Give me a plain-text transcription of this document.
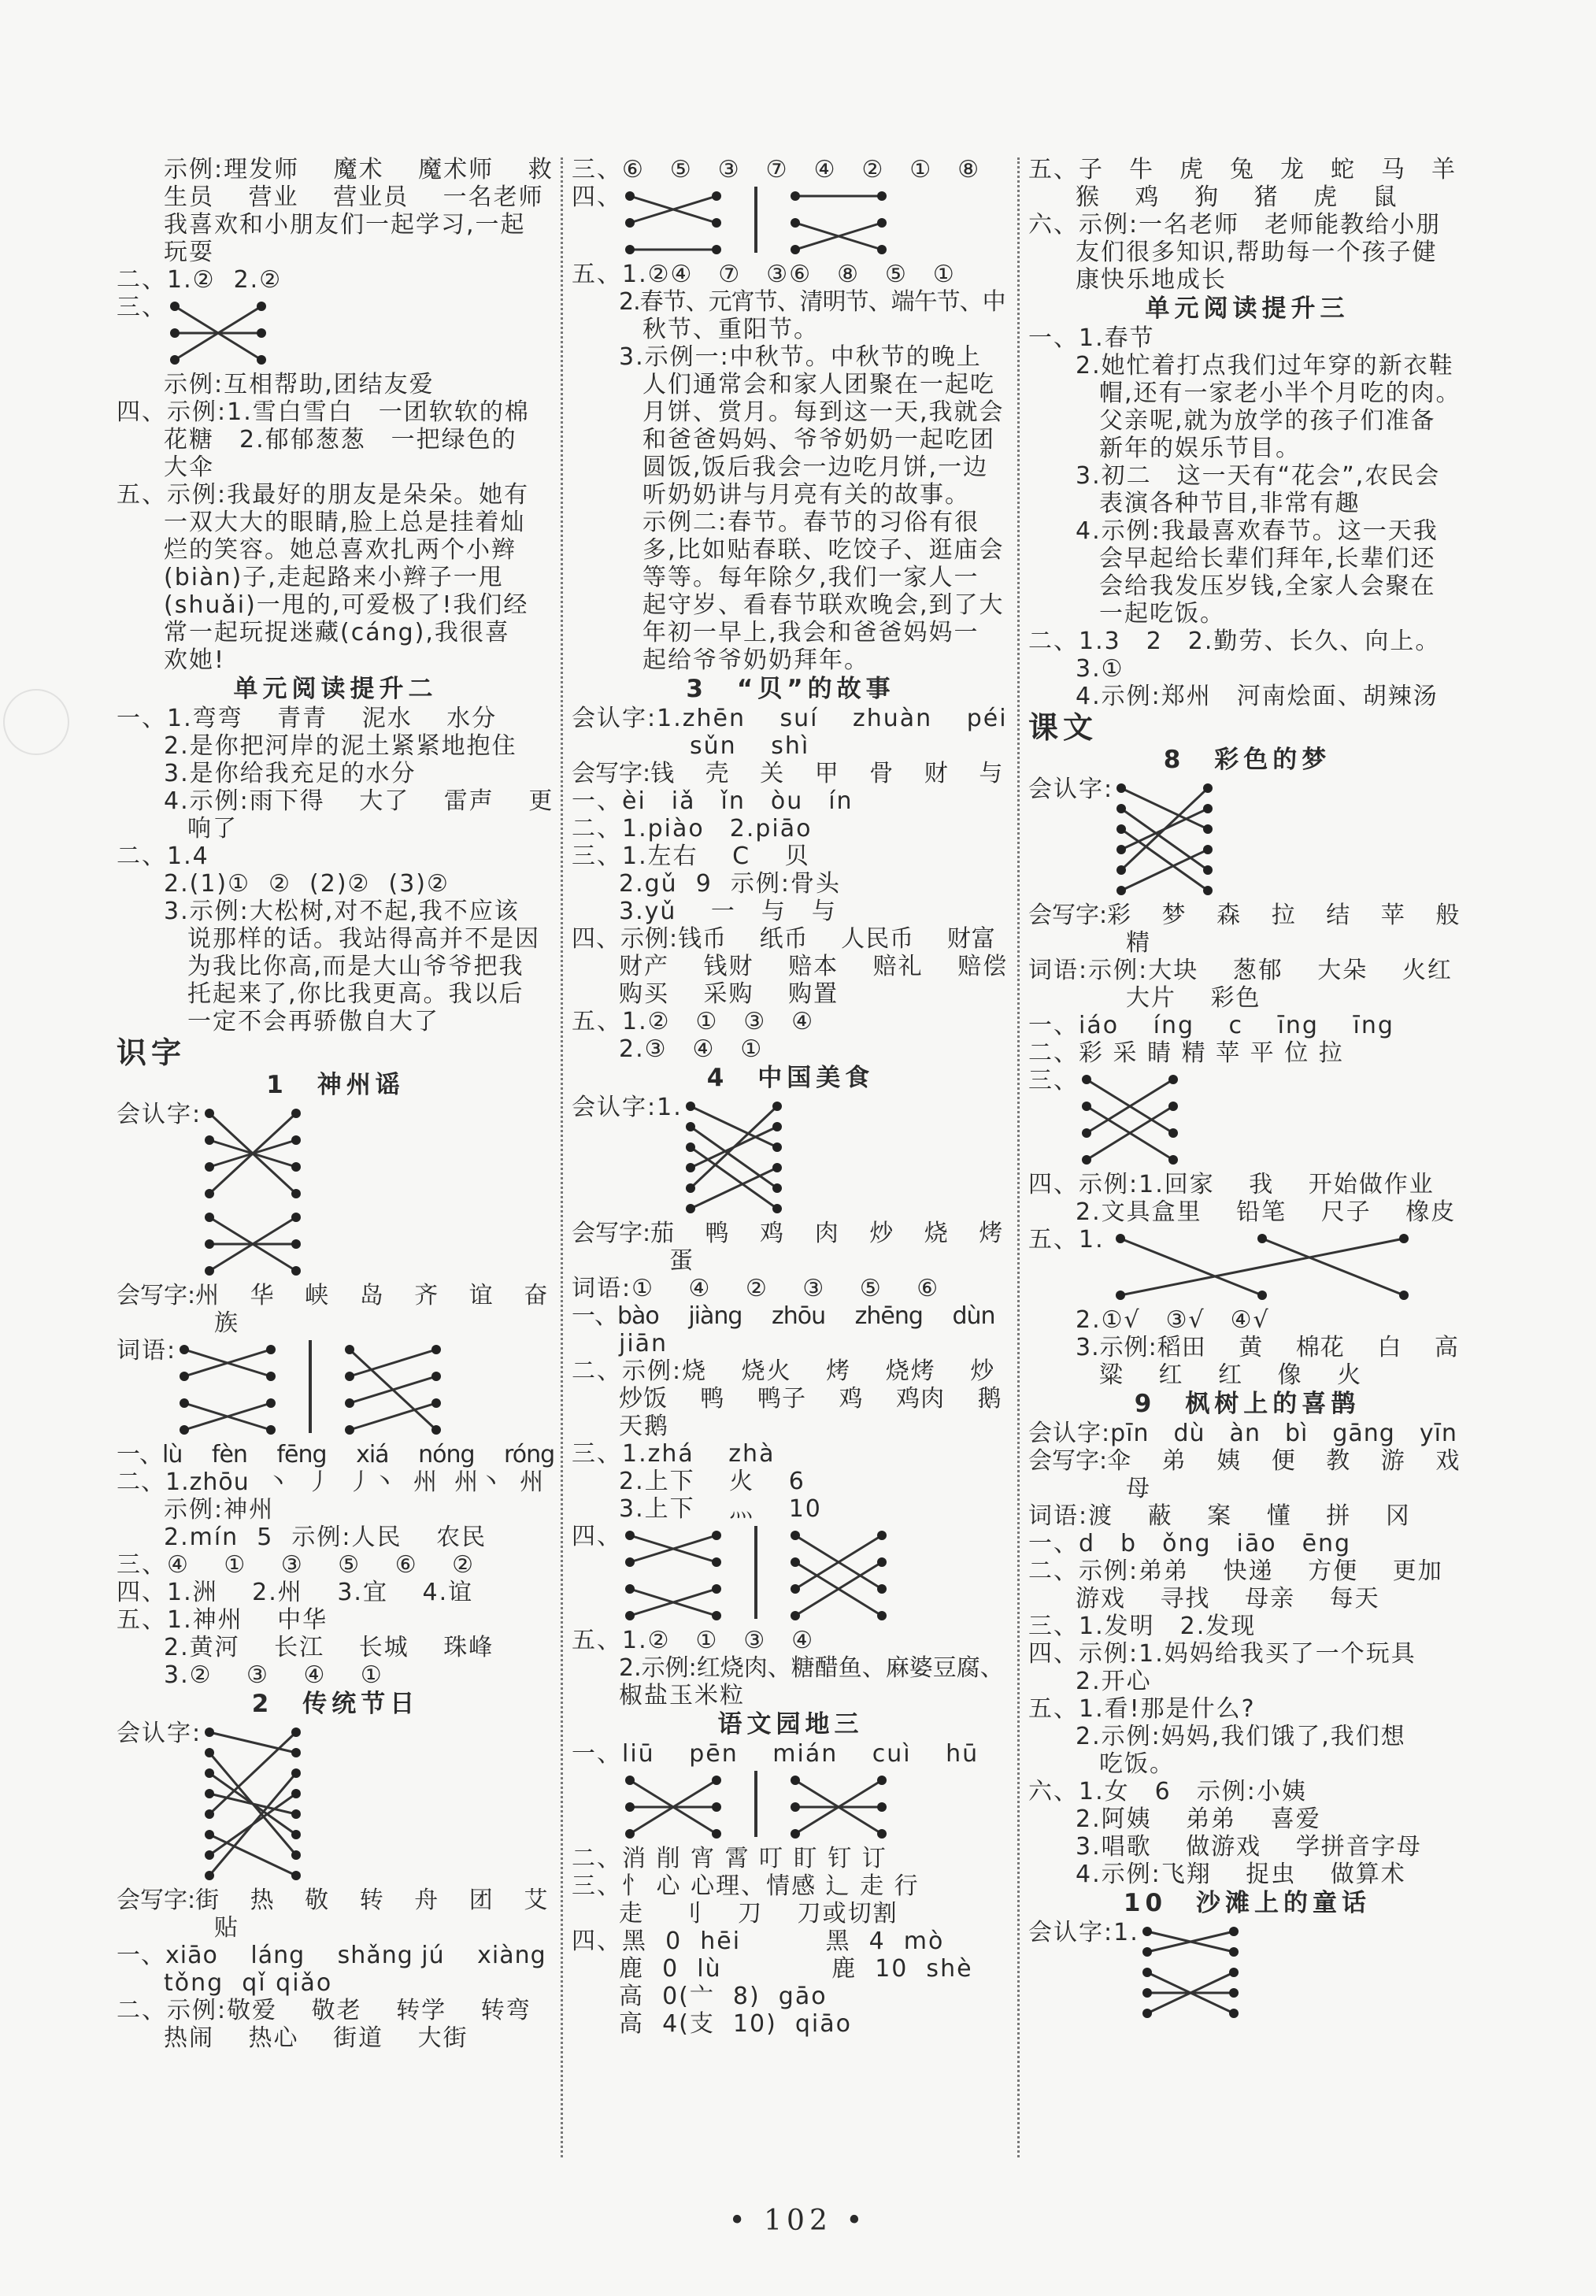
示例:理发师　 魔术　 魔术师　 救
生员　 营业　 营业员　 一名老师
我喜欢和小朋友们一起学习,一起
玩耍
二、1.②  2.②
三、
示例:互相帮助,团结友爱
四、示例:1.雪白雪白　一团软软的棉
花糖　2.郁郁葱葱　一把绿色的
大伞
五、示例:我最好的朋友是朵朵。她有
一双大大的眼睛,脸上总是挂着灿
烂的笑容。她总喜欢扎两个小辫
(biàn)子,走起路来小辫子一甩
(shuǎi)一甩的,可爱极了!我们经
常一起玩捉迷藏(cáng),我很喜
欢她!
单元阅读提升二
一、1.弯弯　 青青　 泥水　 水分
2.是你把河岸的泥土紧紧地抱住
3.是你给我充足的水分
4.示例:雨下得　 大了　 雷声　 更
响了
二、1.4
2.(1)①  ②  (2)②  (3)②
3.示例:大松树,对不起,我不应该
说那样的话。我站得高并不是因
为我比你高,而是大山爷爷把我
托起来了,你比我更高。我以后
一定不会再骄傲自大了
识字
1　神州谣
会认字:
会写字:州　 华　 峡　 岛　 齐　 谊　 奋
族
词语:
一、lù　 fèn　 fēng　 xiá　 nóng　 róng
二、1.zhōu  丶  丿  丿丶  州  州丶  州
示例:神州
2.mín  5  示例:人民　 农民
三、④　 ①　 ③　 ⑤　 ⑥　 ②
四、1.洲　 2.州　 3.宜　 4.谊
五、1.神州　 中华
2.黄河　 长江　 长城　 珠峰
3.②　 ③　 ④　 ①
2　传统节日
会认字:
会写字:街　 热　 敬　 转　 舟　 团　 艾
贴
一、xiāo　 láng　 shǎng jú　 xiàng
tǒng  qǐ qiǎo
二、示例:敬爱　 敬老　 转学　 转弯
热闹　 热心　 街道　 大街
三、⑥　⑤　③　⑦　④　②　①　⑧
四、
五、1.②④　⑦　③⑥　⑧　⑤　①
2.春节、元宵节、清明节、端午节、中
秋节、重阳节。
3.示例一:中秋节。中秋节的晚上
人们通常会和家人团聚在一起吃
月饼、赏月。每到这一天,我就会
和爸爸妈妈、爷爷奶奶一起吃团
圆饭,饭后我会一边吃月饼,一边
听奶奶讲与月亮有关的故事。
示例二:春节。春节的习俗有很
多,比如贴春联、吃饺子、逛庙会
等等。每年除夕,我们一家人一
起守岁、看春节联欢晚会,到了大
年初一早上,我会和爸爸妈妈一
起给爷爷奶奶拜年。
3　“贝”的故事
会认字:1.zhēn　 suí　 zhuàn　 péi
sǔn　 shì
会写字:钱　 壳　 关　 甲　 骨　 财　 与
一、èi　iǎ　ǐn　òu　ín
二、1.piào　2.piāo
三、1.左右　 C　 贝
2.gǔ  9  示例:骨头
3.yǔ　 一　与　与
四、示例:钱币　 纸币　 人民币　 财富
财产　 钱财　 赔本　 赔礼　 赔偿
购买　 采购　 购置
五、1.②　①　③　④
2.③　④　①
4　中国美食
会认字:1.
会写字:茄　 鸭　 鸡　 肉　 炒　 烧　 烤
蛋
词语:①　 ④　 ②　 ③　 ⑤　 ⑥
一、bào　 jiàng　 zhōu　 zhēng　 dùn
jiān
二、示例:烧　 烧火　 烤　 烧烤　 炒
炒饭　 鸭　 鸭子　 鸡　 鸡肉　 鹅
天鹅
三、1.zhá　 zhà
2.上下　 火　 6
3.上下　 灬　 10
四、
五、1.②　①　③　④
2.示例:红烧肉、糖醋鱼、麻婆豆腐、
椒盐玉米粒
语文园地三
一、liū　 pēn　 mián　 cuì　 hū
二、消 削 宵 霄 叮 盯 钉 订
三、忄 心 心理、情感 辶 走 行
走　 刂　 刀　 刀或切割
四、黑  0  hēi　　　 黑  4  mò
鹿  0  lù　　　　 鹿  10  shè
高  0(亠  8)  gāo
高  4(支  10)  qiāo
五、子　牛　虎　兔　龙　蛇　马　羊
猴　 鸡　 狗　 猪　 虎　 鼠
六、示例:一名老师　老师能教给小朋
友们很多知识,帮助每一个孩子健
康快乐地成长
单元阅读提升三
一、1.春节
2.她忙着打点我们过年穿的新衣鞋
帽,还有一家老小半个月吃的肉。
父亲呢,就为放学的孩子们准备
新年的娱乐节目。
3.初二　这一天有“花会”,农民会
表演各种节目,非常有趣
4.示例:我最喜欢春节。这一天我
会早起给长辈们拜年,长辈们还
会给我发压岁钱,全家人会聚在
一起吃饭。
二、1.3　2　2.勤劳、长久、向上。
3.①
4.示例:郑州　河南烩面、胡辣汤
课文
8　彩色的梦
会认字:
会写字:彩　 梦　 森　 拉　 结　 苹　 般
精
词语:示例:大块　 葱郁　 大朵　 火红
大片　 彩色
一、iáo　 íng　 c　 īng　 īng
二、彩 采 睛 精 苹 平 位 拉
三、
四、示例:1.回家　 我　 开始做作业
2.文具盒里　 铅笔　 尺子　 橡皮
五、1.
2.①√　③√　④√
3.示例:稻田　 黄　 棉花　 白　 高
粱　 红　 红　 像　 火
9　枫树上的喜鹊
会认字:pīn　dù　àn　bì　gāng　yīn
会写字:伞　 弟　 姨　 便　 教　 游　 戏
母
词语:渡　 蔽　 案　 懂　 拼　 冈
一、d　b　ǒng　iāo　ēng
二、示例:弟弟　 快递　 方便　 更加
游戏　 寻找　 母亲　 每天
三、1.发明　2.发现
四、示例:1.妈妈给我买了一个玩具
2.开心
五、1.看!那是什么?
2.示例:妈妈,我们饿了,我们想
吃饭。
六、1.女　6　示例:小姨
2.阿姨　 弟弟　 喜爱
3.唱歌　 做游戏　 学拼音字母
4.示例:飞翔　 捉虫　 做算术
10　沙滩上的童话
会认字:1.
• 102 •
